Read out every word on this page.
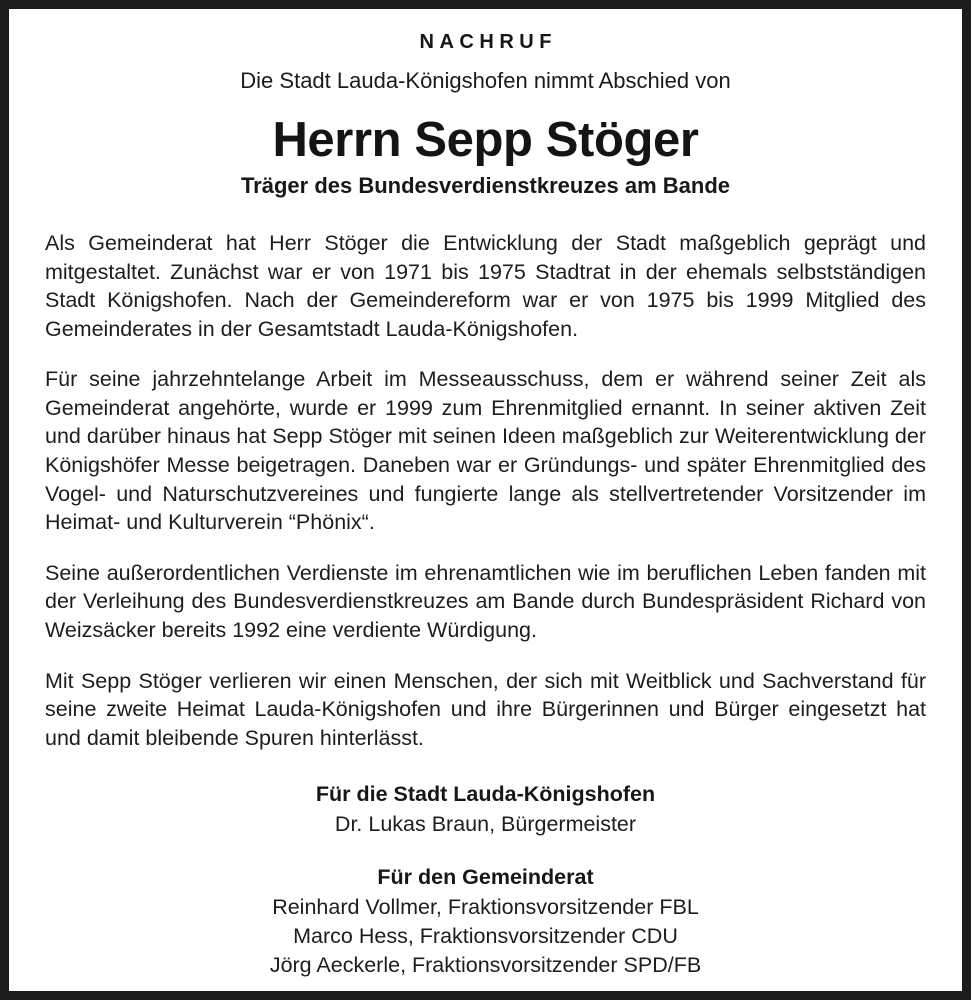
NACHRUF
Die Stadt Lauda-Königshofen nimmt Abschied von
Herrn Sepp Stöger
Träger des Bundesverdienstkreuzes am Bande

Als Gemeinderat hat Herr Stöger die Entwicklung der Stadt maßgeblich geprägt und mitgestaltet. Zunächst war er von 1971 bis 1975 Stadtrat in der ehemals selbstständigen Stadt Königshofen. Nach der Gemeindereform war er von 1975 bis 1999 Mitglied des Gemeinderates in der Gesamtstadt Lauda-Königshofen.

Für seine jahrzehntelange Arbeit im Messeausschuss, dem er während seiner Zeit als Gemeinderat angehörte, wurde er 1999 zum Ehrenmitglied ernannt. In seiner aktiven Zeit und darüber hinaus hat Sepp Stöger mit seinen Ideen maßgeblich zur Weiterentwicklung der Königshöfer Messe beigetragen. Daneben war er Gründungs- und später Ehrenmitglied des Vogel- und Naturschutzvereines und fungierte lange als stellvertretender Vorsitzender im Heimat- und Kulturverein “Phönix“.

Seine außerordentlichen Verdienste im ehrenamtlichen wie im beruflichen Leben fanden mit der Verleihung des Bundesverdienstkreuzes am Bande durch Bundespräsident Richard von Weizsäcker bereits 1992 eine verdiente Würdigung.

Mit Sepp Stöger verlieren wir einen Menschen, der sich mit Weitblick und Sachverstand für seine zweite Heimat Lauda-Königshofen und ihre Bürgerinnen und Bürger eingesetzt hat und damit bleibende Spuren hinterlässt.

Für die Stadt Lauda-Königshofen

Dr. Lukas Braun, Bürgermeister

Für den Gemeinderat

Reinhard Vollmer, Fraktionsvorsitzender FBL

Marco Hess, Fraktionsvorsitzender CDU

Jörg Aeckerle, Fraktionsvorsitzender SPD/FB
